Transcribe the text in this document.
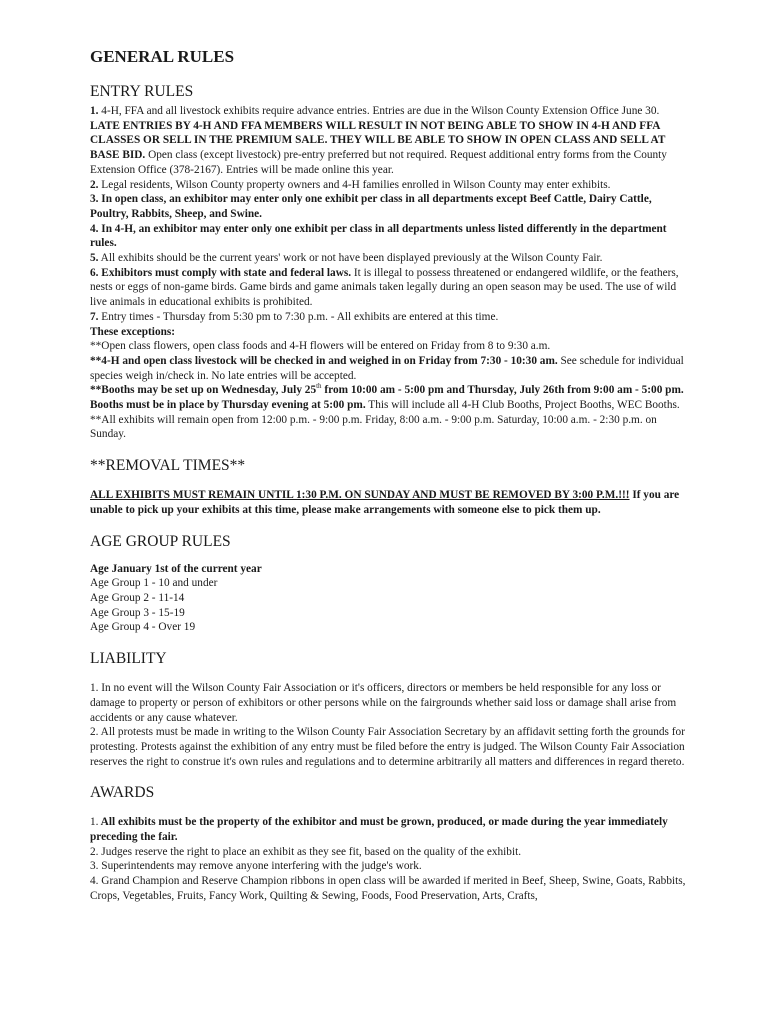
GENERAL RULES
ENTRY RULES

1. 4-H, FFA and all livestock exhibits require advance entries. Entries are due in the Wilson County Extension Office June 30. LATE ENTRIES BY 4-H AND FFA MEMBERS WILL RESULT IN NOT BEING ABLE TO SHOW IN 4-H AND FFA CLASSES OR SELL IN THE PREMIUM SALE. THEY WILL BE ABLE TO SHOW IN OPEN CLASS AND SELL AT BASE BID. Open class (except livestock) pre-entry preferred but not required. Request additional entry forms from the County Extension Office (378-2167). Entries will be made online this year.

2. Legal residents, Wilson County property owners and 4-H families enrolled in Wilson County may enter exhibits.

3. In open class, an exhibitor may enter only one exhibit per class in all departments except Beef Cattle, Dairy Cattle, Poultry, Rabbits, Sheep, and Swine.

4. In 4-H, an exhibitor may enter only one exhibit per class in all departments unless listed differently in the department rules.

5. All exhibits should be the current years' work or not have been displayed previously at the Wilson County Fair.

6. Exhibitors must comply with state and federal laws. It is illegal to possess threatened or endangered wildlife, or the feathers, nests or eggs of non-game birds. Game birds and game animals taken legally during an open season may be used. The use of wild live animals in educational exhibits is prohibited.

7. Entry times - Thursday from 5:30 pm to 7:30 p.m. - All exhibits are entered at this time.

These exceptions:

**Open class flowers, open class foods and 4-H flowers will be entered on Friday from 8 to 9:30 a.m.

**4-H and open class livestock will be checked in and weighed in on Friday from 7:30 - 10:30 am. See schedule for individual species weigh in/check in. No late entries will be accepted.

**Booths may be set up on Wednesday, July 25th from 10:00 am - 5:00 pm and Thursday, July 26th from 9:00 am - 5:00 pm. Booths must be in place by Thursday evening at 5:00 pm. This will include all 4-H Club Booths, Project Booths, WEC Booths.

**All exhibits will remain open from 12:00 p.m. - 9:00 p.m. Friday, 8:00 a.m. - 9:00 p.m. Saturday, 10:00 a.m. - 2:30 p.m. on Sunday.

**REMOVAL TIMES**

ALL EXHIBITS MUST REMAIN UNTIL 1:30 P.M. ON SUNDAY AND MUST BE REMOVED BY 3:00 P.M.!!! If you are unable to pick up your exhibits at this time, please make arrangements with someone else to pick them up.

AGE GROUP RULES

Age January 1st of the current year

Age Group 1 - 10 and under

Age Group 2 - 11-14

Age Group 3 - 15-19

Age Group 4 - Over 19

LIABILITY

1. In no event will the Wilson County Fair Association or it's officers, directors or members be held responsible for any loss or damage to property or person of exhibitors or other persons while on the fairgrounds whether said loss or damage shall arise from accidents or any cause whatever.

2. All protests must be made in writing to the Wilson County Fair Association Secretary by an affidavit setting forth the grounds for protesting. Protests against the exhibition of any entry must be filed before the entry is judged. The Wilson County Fair Association reserves the right to construe it's own rules and regulations and to determine arbitrarily all matters and differences in regard thereto.

AWARDS

1. All exhibits must be the property of the exhibitor and must be grown, produced, or made during the year immediately preceding the fair.

2. Judges reserve the right to place an exhibit as they see fit, based on the quality of the exhibit.

3. Superintendents may remove anyone interfering with the judge's work.

4. Grand Champion and Reserve Champion ribbons in open class will be awarded if merited in Beef, Sheep, Swine, Goats, Rabbits, Crops, Vegetables, Fruits, Fancy Work, Quilting & Sewing, Foods, Food Preservation, Arts, Crafts,
